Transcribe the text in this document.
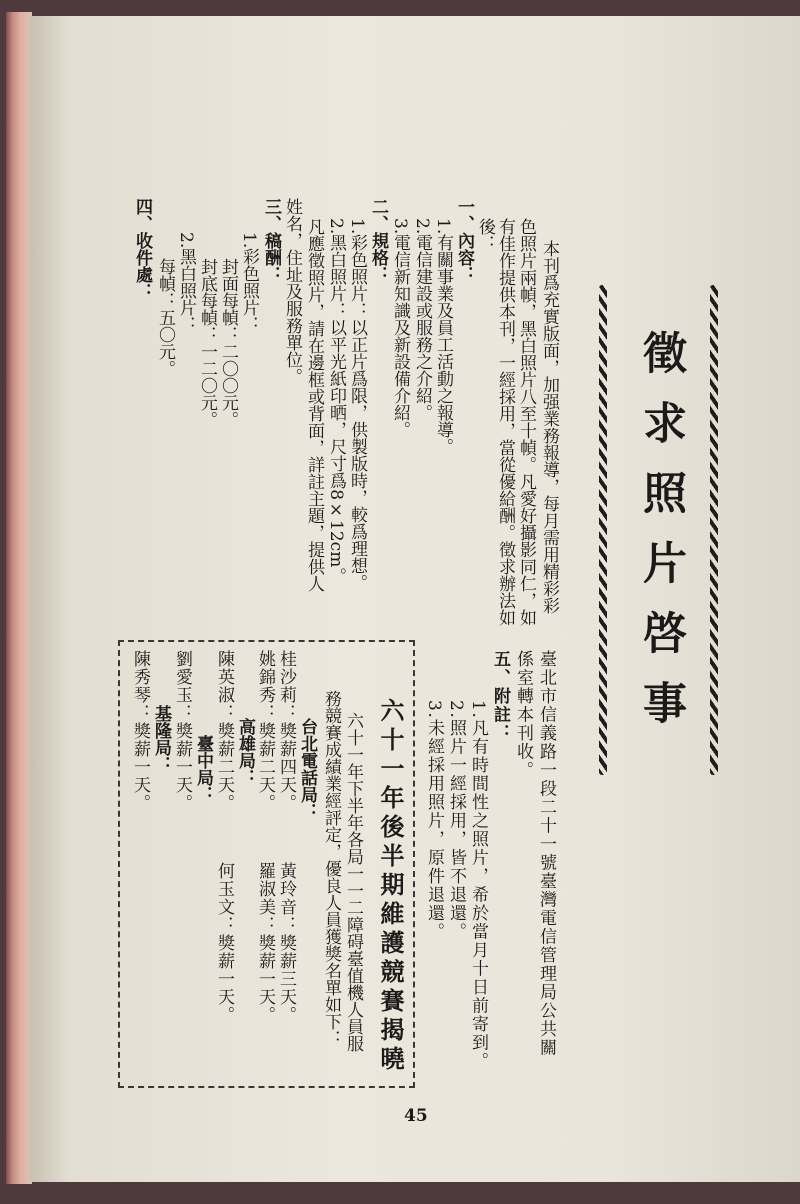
徵求照片啓事
本刊爲充實版面，加强業務報導，每月需用精彩彩
色照片兩幀，黑白照片八至十幀。凡愛好攝影同仁，如
有佳作提供本刊，一經採用，當從優給酬。徵求辦法如
後：
一、內容：
1.有關事業及員工活動之報導。
2.電信建設或服務之介紹。
3.電信新知識及新設備介紹。
二、規格：
1.彩色照片：以正片爲限，供製版時，較爲理想。
2.黑白照片：以平光紙印晒，尺寸爲8×12cm。
凡應徵照片，請在邊框或背面，詳註主題，提供人
姓名，住址及服務單位。
三、稿酬：
1.彩色照片：
封面每幀：二〇〇元。
封底每幀：一二〇元。
2.黑白照片：
每幀：五〇元。
四、收件處：
臺北市信義路一段二十一號臺灣電信管理局公共關
係室轉本刊收。
五、附註：
1.凡有時間性之照片，希於當月十日前寄到。
2.照片一經採用，皆不退還。
3.未經採用照片，原件退還。
六十一年後半期維護競賽揭曉
六十一年下半年各局一一二障碍臺值機人員服
務競賽成績業經評定，優良人員獲獎名單如下：
台北電話局：
桂沙莉：獎薪四天。
黃玲音：獎薪三天。
姚錦秀：獎薪二天。
羅淑美：獎薪一天。
高雄局：
陳英淑：獎薪二天。
何玉文：獎薪一天。
臺中局：
劉愛玉：獎薪一天。
基隆局：
陳秀琴：獎薪一天。
45
